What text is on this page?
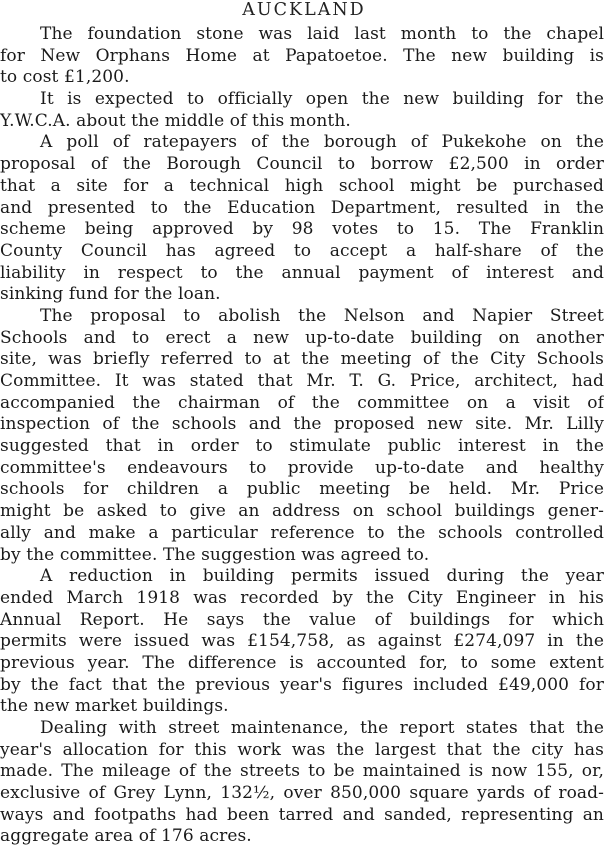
AUCKLAND

The foundation stone was laid last month to the chapel
for New Orphans Home at Papatoetoe. The new building is
to cost £1,200.

It is expected to officially open the new building for the
Y.W.C.A. about the middle of this month.

A poll of ratepayers of the borough of Pukekohe on the
proposal of the Borough Council to borrow £2,500 in order
that a site for a technical high school might be purchased
and presented to the Education Department, resulted in the
scheme being approved by 98 votes to 15. The Franklin
County Council has agreed to accept a half-share of the
liability in respect to the annual payment of interest and
sinking fund for the loan.

The proposal to abolish the Nelson and Napier Street
Schools and to erect a new up-to-date building on another
site, was briefly referred to at the meeting of the City Schools
Committee. It was stated that Mr. T. G. Price, architect, had
accompanied the chairman of the committee on a visit of
inspection of the schools and the proposed new site. Mr. Lilly
suggested that in order to stimulate public interest in the
committee's endeavours to provide up-to-date and healthy
schools for children a public meeting be held. Mr. Price
might be asked to give an address on school buildings gener-
ally and make a particular reference to the schools controlled
by the committee. The suggestion was agreed to.

A reduction in building permits issued during the year
ended March 1918 was recorded by the City Engineer in his
Annual Report. He says the value of buildings for which
permits were issued was £154,758, as against £274,097 in the
previous year. The difference is accounted for, to some extent
by the fact that the previous year's figures included £49,000 for
the new market buildings.

Dealing with street maintenance, the report states that the
year's allocation for this work was the largest that the city has
made. The mileage of the streets to be maintained is now 155, or,
exclusive of Grey Lynn, 132½, over 850,000 square yards of road-
ways and footpaths had been tarred and sanded, representing an
aggregate area of 176 acres.
